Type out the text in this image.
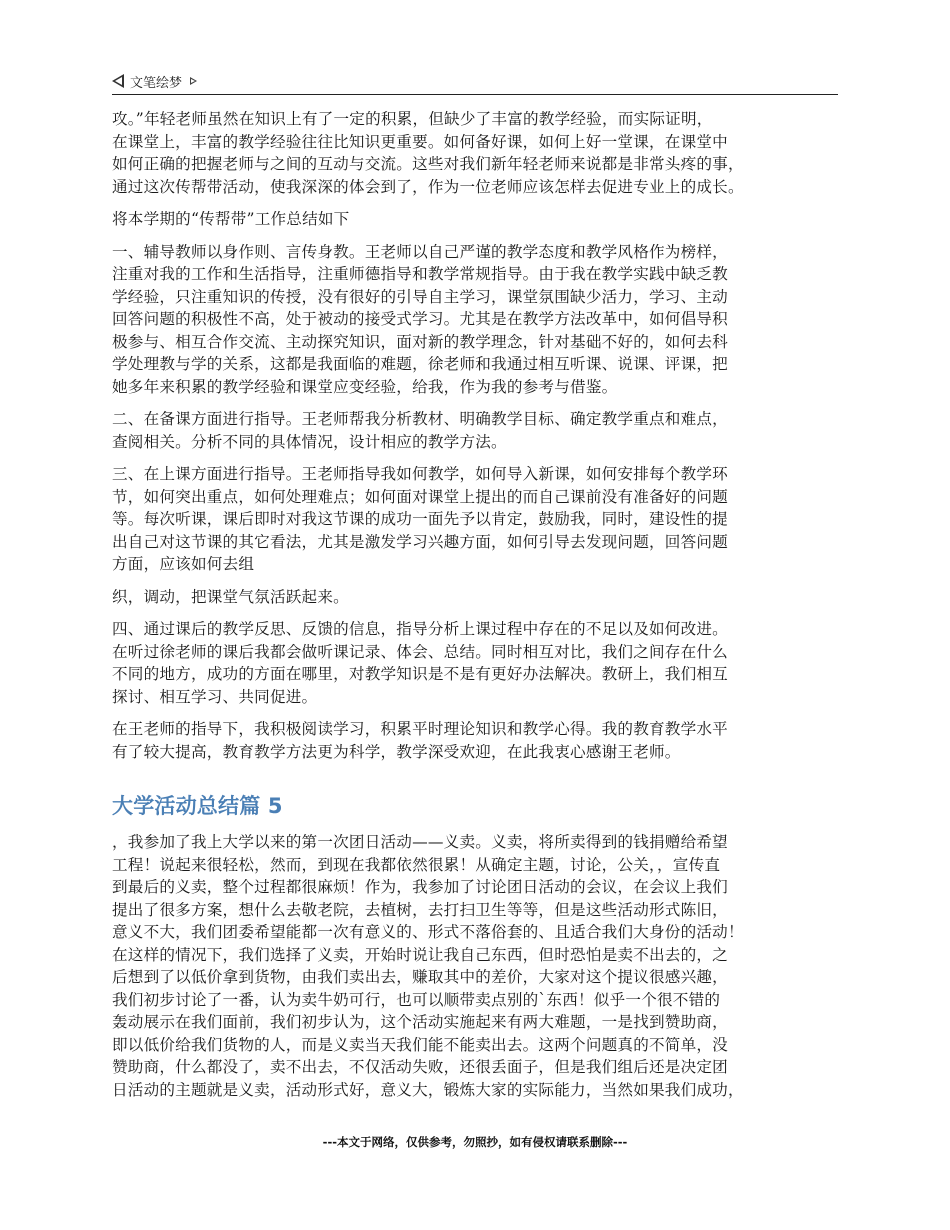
文笔绘梦

攻。”年轻老师虽然在知识上有了一定的积累，但缺少了丰富的教学经验，而实际证明，
在课堂上，丰富的教学经验往往比知识更重要。如何备好课，如何上好一堂课，在课堂中
如何正确的把握老师与之间的互动与交流。这些对我们新年轻老师来说都是非常头疼的事，
通过这次传帮带活动，使我深深的体会到了，作为一位老师应该怎样去促进专业上的成长。

将本学期的“传帮带”工作总结如下

一、辅导教师以身作则、言传身教。王老师以自己严谨的教学态度和教学风格作为榜样，
注重对我的工作和生活指导，注重师德指导和教学常规指导。由于我在教学实践中缺乏教
学经验，只注重知识的传授，没有很好的引导自主学习，课堂氛围缺少活力，学习、主动
回答问题的积极性不高，处于被动的接受式学习。尤其是在教学方法改革中，如何倡导积
极参与、相互合作交流、主动探究知识，面对新的教学理念，针对基础不好的，如何去科
学处理教与学的关系，这都是我面临的难题，徐老师和我通过相互听课、说课、评课，把
她多年来积累的教学经验和课堂应变经验，给我，作为我的参考与借鉴。

二、在备课方面进行指导。王老师帮我分析教材、明确教学目标、确定教学重点和难点，
查阅相关。分析不同的具体情况，设计相应的教学方法。

三、在上课方面进行指导。王老师指导我如何教学，如何导入新课，如何安排每个教学环
节，如何突出重点，如何处理难点；如何面对课堂上提出的而自己课前没有准备好的问题
等。每次听课，课后即时对我这节课的成功一面先予以肯定，鼓励我，同时，建设性的提
出自己对这节课的其它看法，尤其是激发学习兴趣方面，如何引导去发现问题，回答问题
方面，应该如何去组

织，调动，把课堂气氛活跃起来。

四、通过课后的教学反思、反馈的信息，指导分析上课过程中存在的不足以及如何改进。
在听过徐老师的课后我都会做听课记录、体会、总结。同时相互对比，我们之间存在什么
不同的地方，成功的方面在哪里，对教学知识是不是有更好办法解决。教研上，我们相互
探讨、相互学习、共同促进。

在王老师的指导下，我积极阅读学习，积累平时理论知识和教学心得。我的教育教学水平
有了较大提高，教育教学方法更为科学，教学深受欢迎，在此我衷心感谢王老师。

大学活动总结篇 5

，我参加了我上大学以来的第一次团日活动——义卖。义卖，将所卖得到的钱捐赠给希望
工程！说起来很轻松，然而，到现在我都依然很累！从确定主题，讨论，公关，，宣传直
到最后的义卖，整个过程都很麻烦！作为，我参加了讨论团日活动的会议，在会议上我们
提出了很多方案，想什么去敬老院，去植树，去打扫卫生等等，但是这些活动形式陈旧，
意义不大，我们团委希望能都一次有意义的、形式不落俗套的、且适合我们大身份的活动！
在这样的情况下，我们选择了义卖，开始时说让我自己东西，但时恐怕是卖不出去的，之
后想到了以低价拿到货物，由我们卖出去，赚取其中的差价，大家对这个提议很感兴趣，
我们初步讨论了一番，认为卖牛奶可行，也可以顺带卖点别的`东西！似乎一个很不错的
轰动展示在我们面前，我们初步认为，这个活动实施起来有两大难题，一是找到赞助商，
即以低价给我们货物的人，而是义卖当天我们能不能卖出去。这两个问题真的不简单，没
赞助商，什么都没了，卖不出去，不仅活动失败，还很丢面子，但是我们组后还是决定团
日活动的主题就是义卖，活动形式好，意义大，锻炼大家的实际能力，当然如果我们成功，

---本文于网络，仅供参考，勿照抄，如有侵权请联系删除---
